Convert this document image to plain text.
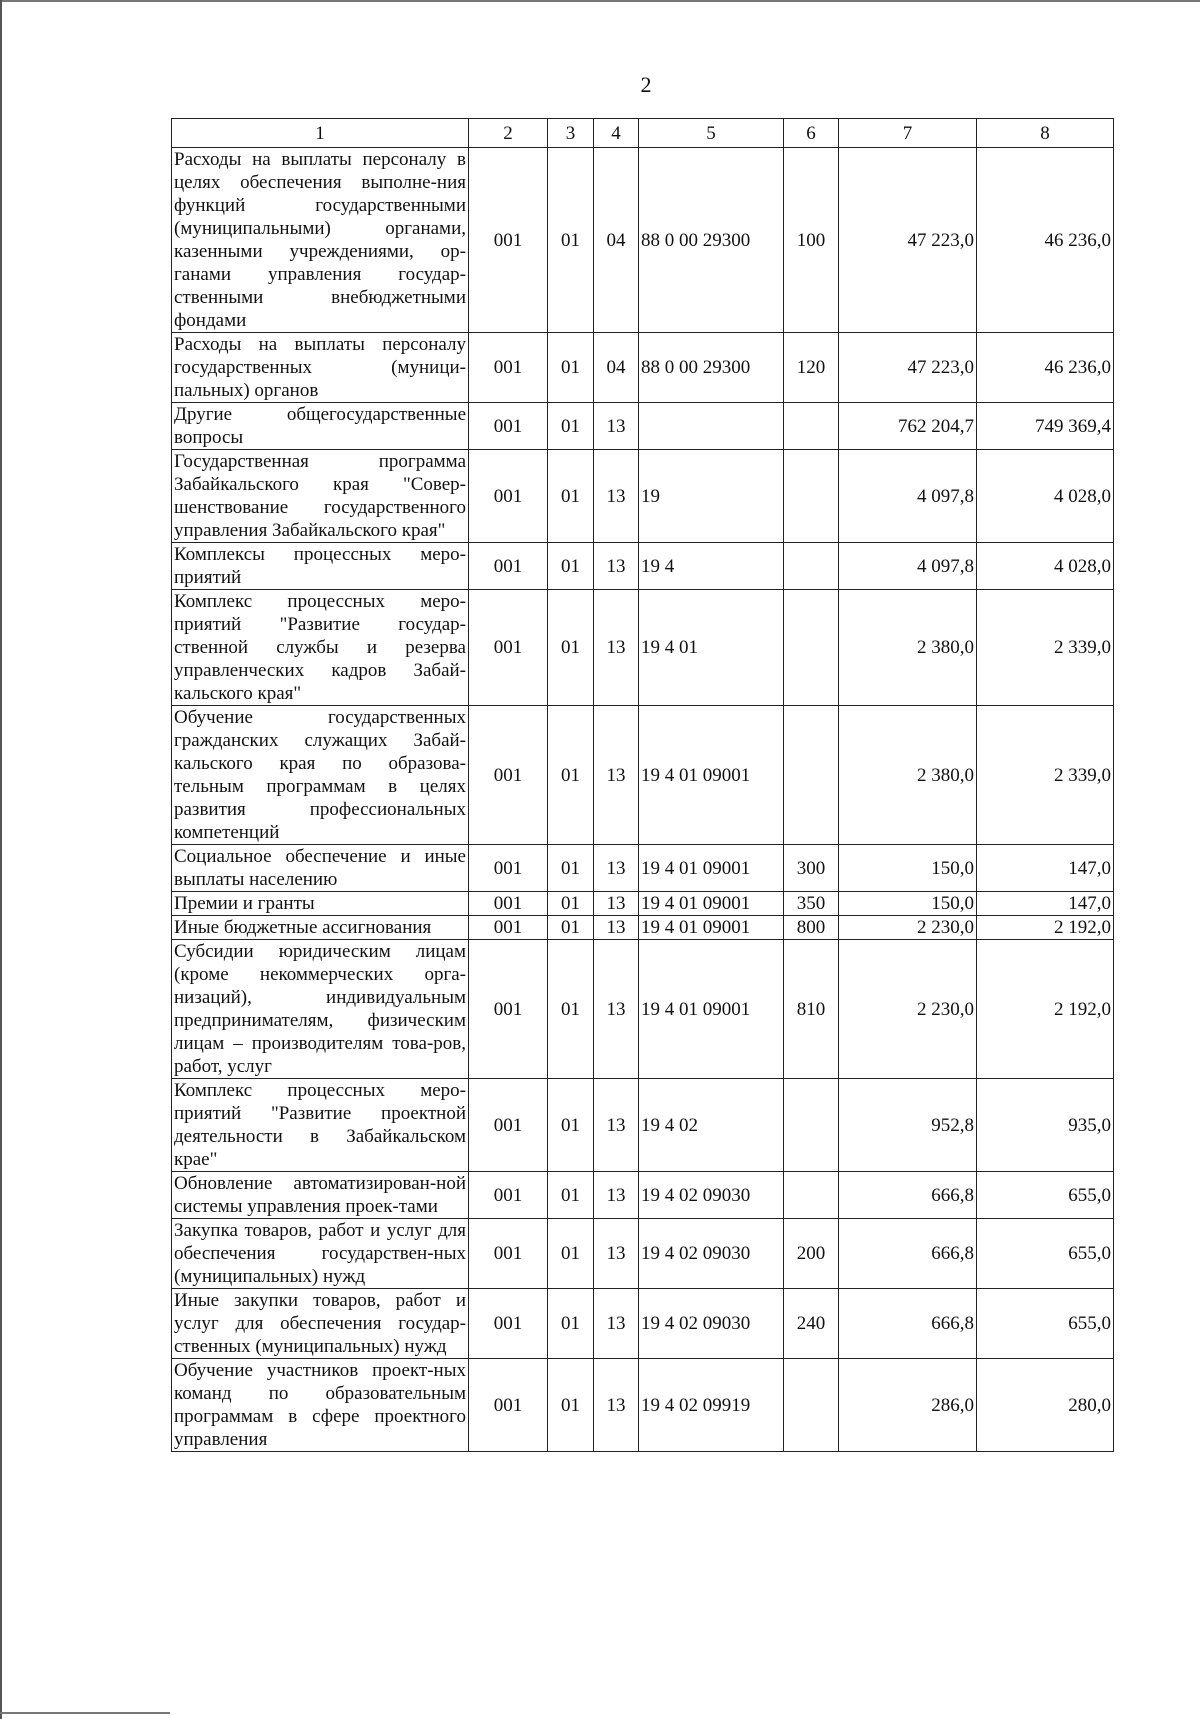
2
1	2	3	4	5	6	7	8
Расходы на выплаты персоналу в целях обеспечения выполне-ния функций государственными (муниципальными) органами, казенными учреждениями, ор-ганами управления государ-ственными внебюджетными фондами	001	01	04	88 0 00 29300	100	47 223,0	46 236,0
Расходы на выплаты персоналу государственных (муници-пальных) органов	001	01	04	88 0 00 29300	120	47 223,0	46 236,0
Другие общегосударственные вопросы	001	01	13			762 204,7	749 369,4
Государственная программа Забайкальского края "Совер-шенствование государственного управления Забайкальского края"	001	01	13	19		4 097,8	4 028,0
Комплексы процессных меро-приятий	001	01	13	19 4		4 097,8	4 028,0
Комплекс процессных меро-приятий "Развитие государ-ственной службы и резерва управленческих кадров Забай-кальского края"	001	01	13	19 4 01		2 380,0	2 339,0
Обучение государственных гражданских служащих Забай-кальского края по образова-тельным программам в целях развития профессиональных компетенций	001	01	13	19 4 01 09001		2 380,0	2 339,0
Социальное обеспечение и иные выплаты населению	001	01	13	19 4 01 09001	300	150,0	147,0
Премии и гранты	001	01	13	19 4 01 09001	350	150,0	147,0
Иные бюджетные ассигнования	001	01	13	19 4 01 09001	800	2 230,0	2 192,0
Субсидии юридическим лицам (кроме некоммерческих орга-низаций), индивидуальным предпринимателям, физическим лицам – производителям това-ров, работ, услуг	001	01	13	19 4 01 09001	810	2 230,0	2 192,0
Комплекс процессных меро-приятий "Развитие проектной деятельности в Забайкальском крае"	001	01	13	19 4 02		952,8	935,0
Обновление автоматизирован-ной системы управления проек-тами	001	01	13	19 4 02 09030		666,8	655,0
Закупка товаров, работ и услуг для обеспечения государствен-ных (муниципальных) нужд	001	01	13	19 4 02 09030	200	666,8	655,0
Иные закупки товаров, работ и услуг для обеспечения государ-ственных (муниципальных) нужд	001	01	13	19 4 02 09030	240	666,8	655,0
Обучение участников проект-ных команд по образовательным программам в сфере проектного управления	001	01	13	19 4 02 09919		286,0	280,0
